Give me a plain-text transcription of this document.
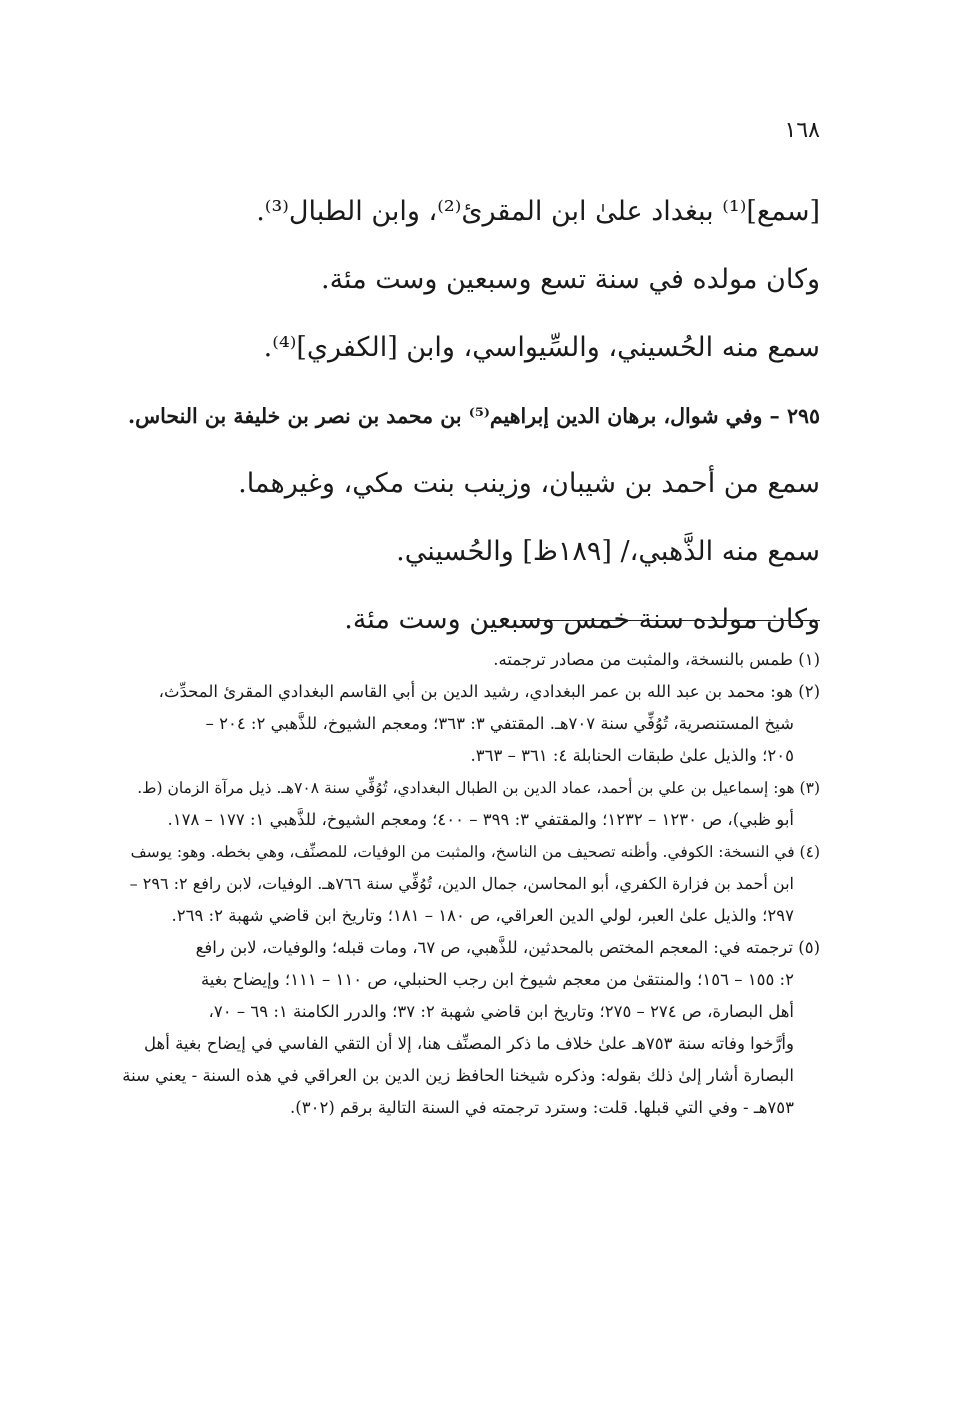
١٦٨
[سمع]⁽¹⁾ ببغداد علىٰ ابن المقرئ⁽²⁾، وابن الطبال⁽³⁾.
وكان مولده في سنة تسع وسبعين وست مئة.
سمع منه الحُسيني، والسِّيواسي، وابن [الكفري]⁽⁴⁾.
٢٩٥ – وفي شوال، برهان الدين إبراهيم⁽⁵⁾ بن محمد بن نصر بن خليفة بن النحاس.
سمع من أحمد بن شيبان، وزينب بنت مكي، وغيرهما.
سمع منه الذَّهبي،/ [١٨٩ظ] والحُسيني.
وكان مولده سنة خمس وسبعين وست مئة.
(١) طمس بالنسخة، والمثبت من مصادر ترجمته.
(٢) هو: محمد بن عبد الله بن عمر البغدادي، رشيد الدين بن أبي القاسم البغدادي المقرئ المحدِّث،
شيخ المستنصرية، تُوُفِّي سنة ٧٠٧هـ. المقتفي ٣: ٣٦٣؛ ومعجم الشيوخ، للذَّهبي ٢: ٢٠٤ –
٢٠٥؛ والذيل علىٰ طبقات الحنابلة ٤: ٣٦١ – ٣٦٣.
(٣) هو: إسماعيل بن علي بن أحمد، عماد الدين بن الطبال البغدادي، تُوُفِّي سنة ٧٠٨هـ. ذيل مرآة الزمان (ط.
أبو ظبي)، ص ١٢٣٠ – ١٢٣٢؛ والمقتفي ٣: ٣٩٩ – ٤٠٠؛ ومعجم الشيوخ، للذَّهبي ١: ١٧٧ – ١٧٨.
(٤) في النسخة: الكوفي. وأظنه تصحيف من الناسخ، والمثبت من الوفيات، للمصنِّف، وهي بخطه. وهو: يوسف
ابن أحمد بن فزارة الكفري، أبو المحاسن، جمال الدين، تُوُفِّي سنة ٧٦٦هـ. الوفيات، لابن رافع ٢: ٢٩٦ –
٢٩٧؛ والذيل علىٰ العبر، لولي الدين العراقي، ص ١٨٠ – ١٨١؛ وتاريخ ابن قاضي شهبة ٢: ٢٦٩.
(٥) ترجمته في: المعجم المختص بالمحدثين، للذَّهبي، ص ٦٧، ومات قبله؛ والوفيات، لابن رافع
٢: ١٥٥ – ١٥٦؛ والمنتقىٰ من معجم شيوخ ابن رجب الحنبلي، ص ١١٠ – ١١١؛ وإيضاح بغية
أهل البصارة، ص ٢٧٤ – ٢٧٥؛ وتاريخ ابن قاضي شهبة ٢: ٣٧؛ والدرر الكامنة ١: ٦٩ – ٧٠،
وأرَّخوا وفاته سنة ٧٥٣هـ علىٰ خلاف ما ذكر المصنِّف هنا، إلا أن التقي الفاسي في إيضاح بغية أهل
البصارة أشار إلىٰ ذلك بقوله: وذكره شيخنا الحافظ زين الدين بن العراقي في هذه السنة - يعني سنة
٧٥٣هـ - وفي التي قبلها. قلت: وسترد ترجمته في السنة التالية برقم (٣٠٢).
